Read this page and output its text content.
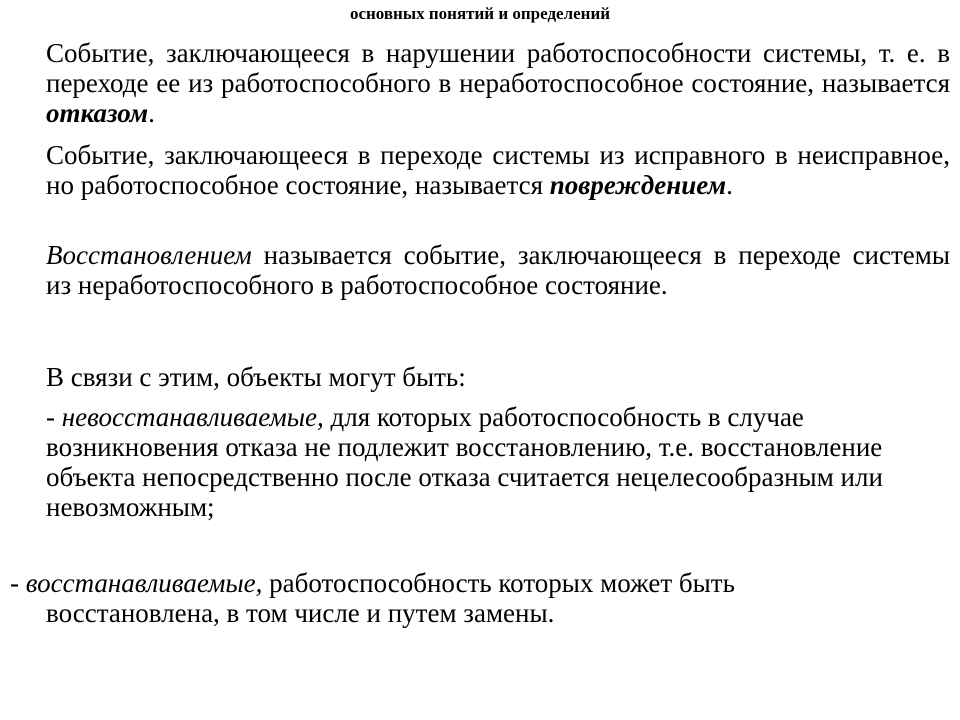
основных понятий и определений

Событие, заключающееся в нарушении работоспособности системы, т. е. в переходе ее из работоспособного в неработоспособное состояние, называется отказом.

Событие, заключающееся в переходе системы из исправного в неисправное, но работоспособное состояние, называется повреждением.

Восстановлением называется событие, заключающееся в переходе системы из неработоспособного в работоспособное состояние.

В связи с этим, объекты могут быть:

- невосстанавливаемые, для которых работоспособность в случае возникновения отказа не подлежит восстановлению, т.е. восстановление объекта непосредственно после отказа считается нецелесообразным или невозможным;

- восстанавливаемые, работоспособность которых может быть
восстановлена, в том числе и путем замены.
